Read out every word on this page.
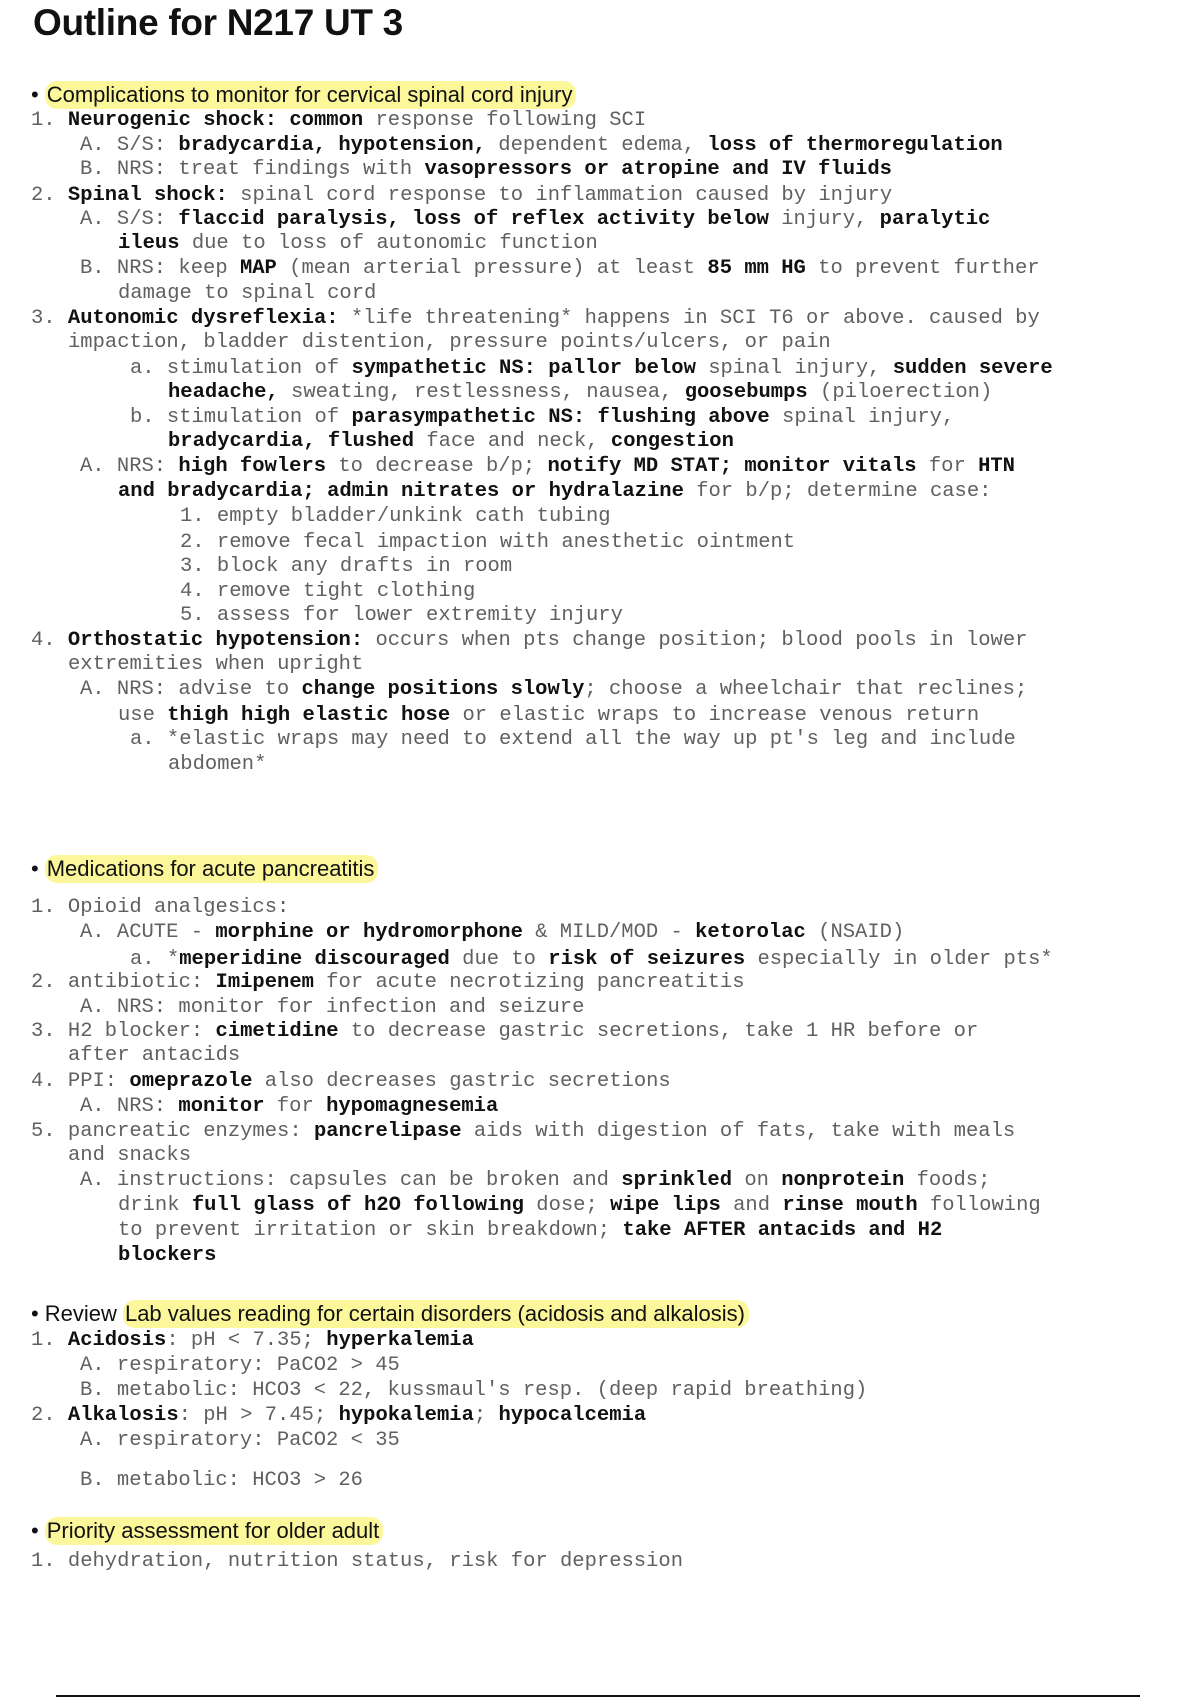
Outline for N217 UT 3
• Complications to monitor for cervical spinal cord injury
1. Neurogenic shock: common response following SCI
A. S/S: bradycardia, hypotension, dependent edema, loss of thermoregulation
B. NRS: treat findings with vasopressors or atropine and IV fluids
2. Spinal shock: spinal cord response to inflammation caused by injury
A. S/S: flaccid paralysis, loss of reflex activity below injury, paralytic
ileus due to loss of autonomic function
B. NRS: keep MAP (mean arterial pressure) at least 85 mm HG to prevent further
damage to spinal cord
3. Autonomic dysreflexia: *life threatening* happens in SCI T6 or above. caused by
impaction, bladder distention, pressure points/ulcers, or pain
a. stimulation of sympathetic NS: pallor below spinal injury, sudden severe
headache, sweating, restlessness, nausea, goosebumps (piloerection)
b. stimulation of parasympathetic NS: flushing above spinal injury,
bradycardia, flushed face and neck, congestion
A. NRS: high fowlers to decrease b/p; notify MD STAT; monitor vitals for HTN
and bradycardia; admin nitrates or hydralazine for b/p; determine case:
1. empty bladder/unkink cath tubing
2. remove fecal impaction with anesthetic ointment
3. block any drafts in room
4. remove tight clothing
5. assess for lower extremity injury
4. Orthostatic hypotension: occurs when pts change position; blood pools in lower
extremities when upright
A. NRS: advise to change positions slowly; choose a wheelchair that reclines;
use thigh high elastic hose or elastic wraps to increase venous return
a. *elastic wraps may need to extend all the way up pt's leg and include
abdomen*
• Medications for acute pancreatitis
1. Opioid analgesics:
A. ACUTE - morphine or hydromorphone & MILD/MOD - ketorolac (NSAID)
a. *meperidine discouraged due to risk of seizures especially in older pts*
2. antibiotic: Imipenem for acute necrotizing pancreatitis
A. NRS: monitor for infection and seizure
3. H2 blocker: cimetidine to decrease gastric secretions, take 1 HR before or
after antacids
4. PPI: omeprazole also decreases gastric secretions
A. NRS: monitor for hypomagnesemia
5. pancreatic enzymes: pancrelipase aids with digestion of fats, take with meals
and snacks
A. instructions: capsules can be broken and sprinkled on nonprotein foods;
drink full glass of h2O following dose; wipe lips and rinse mouth following
to prevent irritation or skin breakdown; take AFTER antacids and H2
blockers
• Review Lab values reading for certain disorders (acidosis and alkalosis)
1. Acidosis: pH < 7.35; hyperkalemia
A. respiratory: PaCO2 > 45
B. metabolic: HCO3 < 22, kussmaul's resp. (deep rapid breathing)
2. Alkalosis: pH > 7.45; hypokalemia; hypocalcemia
A. respiratory: PaCO2 < 35
B. metabolic: HCO3 > 26
• Priority assessment for older adult
1. dehydration, nutrition status, risk for depression
